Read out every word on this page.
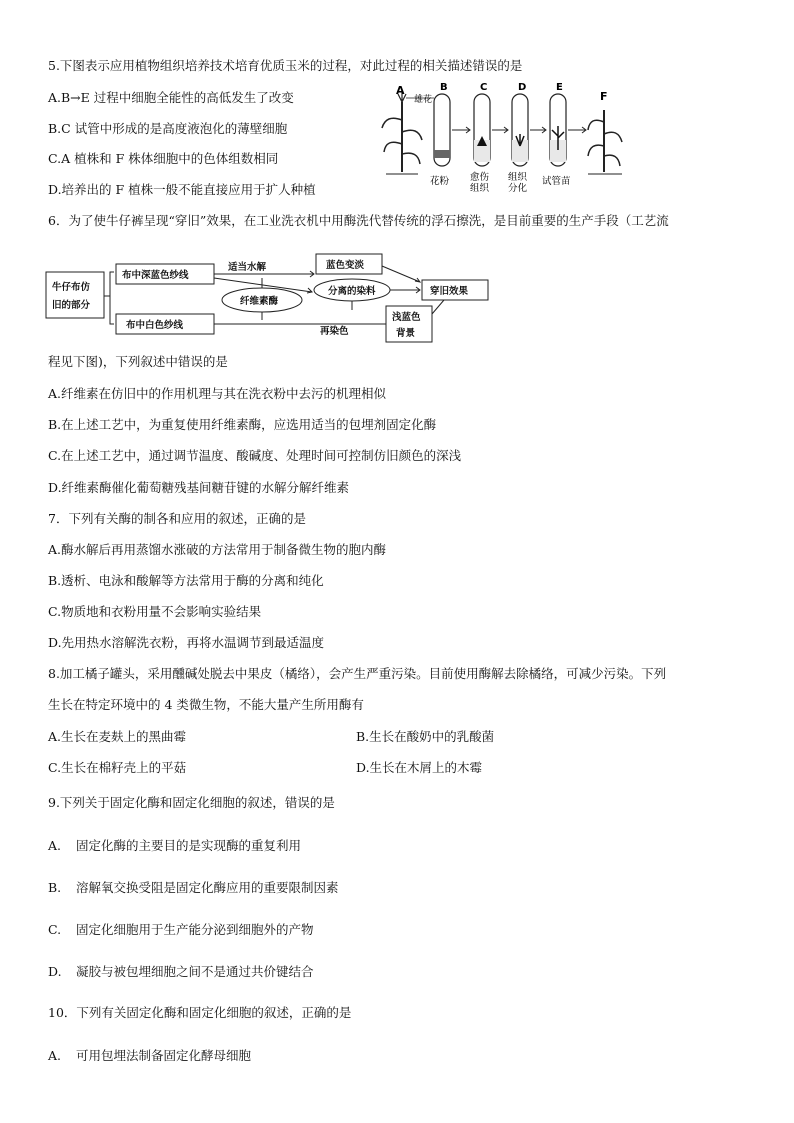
5.下图表示应用植物组织培养技术培育优质玉米的过程，对此过程的相关描述错误的是
A.B→E 过程中细胞全能性的高低发生了改变
B.C 试管中形成的是高度液泡化的薄壁细胞
C.A 植株和 F 株体细胞中的色体组数相同
D.培养出的 F 植株一般不能直接应用于扩人种植
A
雄花
B
花粉
C
愈伤
组织
D
组织
分化
E
试管苗
F
6．为了使牛仔裤呈现“穿旧”效果，在工业洗衣机中用酶洗代替传统的浮石擦洗，是目前重要的生产手段（工艺流
牛仔布仿
旧的部分
布中深蓝色纱线
布中白色纱线
适当水解
纤维素酶
蓝色变淡
分离的染料
再染色
浅蓝色
背景
穿旧效果
程见下图)，下列叙述中错误的是
A.纤维素在仿旧中的作用机理与其在洗衣粉中去污的机理相似
B.在上述工艺中，为重复使用纤维素酶，应选用适当的包埋剂固定化酶
C.在上述工艺中，通过调节温度、酸碱度、处理时间可控制仿旧颜色的深浅
D.纤维素酶催化葡萄糖残基间糖苷键的水解分解纤维素
7．下列有关酶的制各和应用的叙述，正确的是
A.酶水解后再用蒸馏水涨破的方法常用于制备微生物的胞内酶
B.透析、电泳和酸解等方法常用于酶的分离和纯化
C.物质地和衣粉用量不会影响实验结果
D.先用热水溶解洗衣粉，再将水温调节到最适温度
8.加工橘子罐头，采用醺碱处脱去中果皮（橘络），会产生严重污染。目前使用酶解去除橘络，可减少污染。下列
生长在特定环境中的 4 类微生物，不能大量产生所用酶有
A.生长在麦麸上的黑曲霉	B.生长在酸奶中的乳酸菌
C.生长在棉籽壳上的平菇	D.生长在木屑上的木霉
9.下列关于固定化酶和固定化细胞的叙述，错误的是
A. 固定化酶的主要目的是实现酶的重复利用
B. 溶解氧交换受阻是固定化酶应用的重要限制因素
C. 固定化细胞用于生产能分泌到细胞外的产物
D. 凝胶与被包埋细胞之间不是通过共价键结合
10．下列有关固定化酶和固定化细胞的叙述，正确的是
A. 可用包埋法制备固定化酵母细胞
